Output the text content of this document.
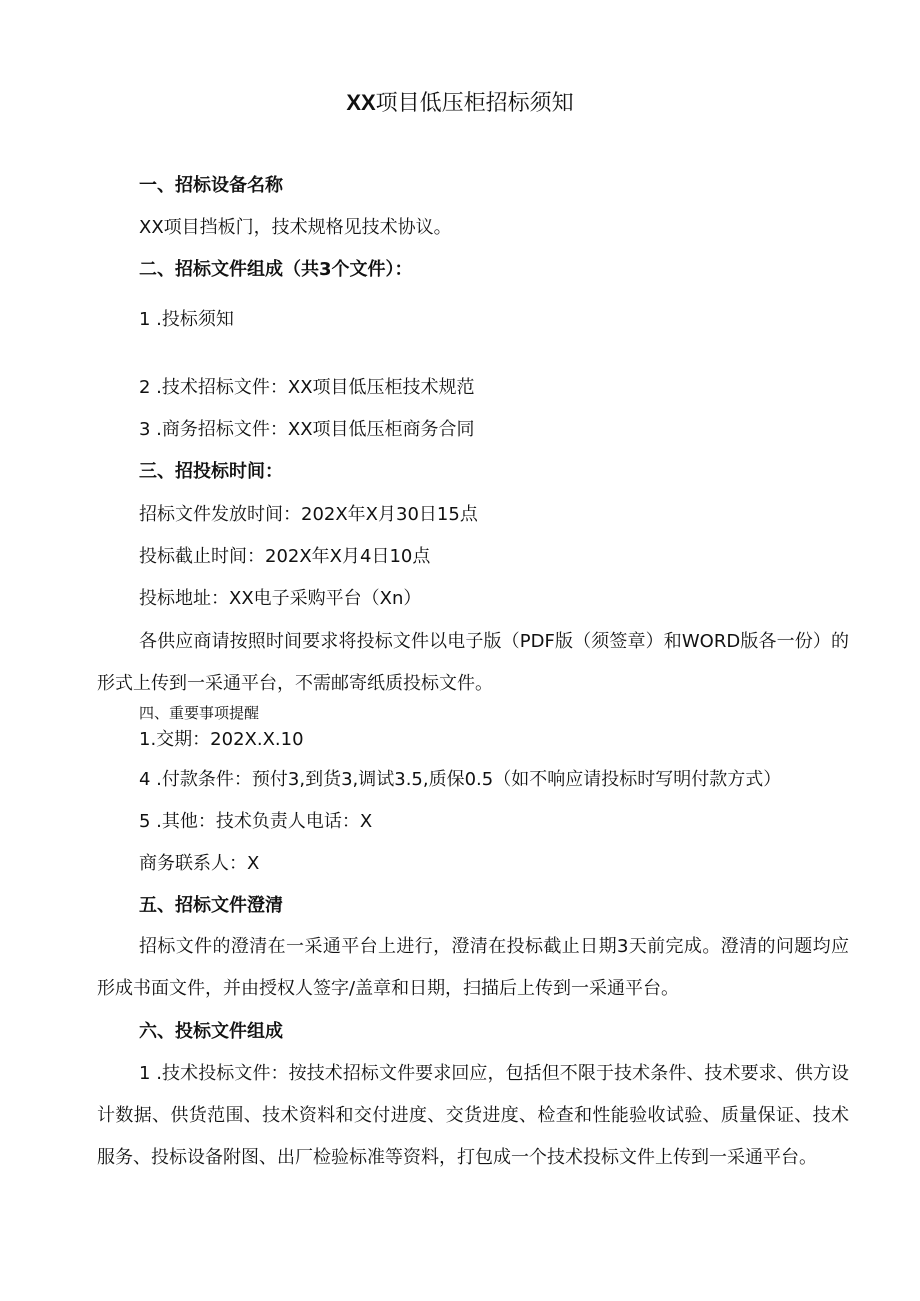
XX项目低压柜招标须知

一、招标设备名称

XX项目挡板门，技术规格见技术协议。

二、招标文件组成（共3个文件）：

1 .投标须知

2 .技术招标文件：XX项目低压柜技术规范

3 .商务招标文件：XX项目低压柜商务合同

三、招投标时间：

招标文件发放时间：202X年X月30日15点

投标截止时间：202X年X月4日10点

投标地址：XX电子采购平台（Xn）

各供应商请按照时间要求将投标文件以电子版（PDF版（须签章）和WORD版各一份）的形式上传到一采通平台，不需邮寄纸质投标文件。

四、重要事项提醒

1.交期：202X.X.10

4 .付款条件：预付3,到货3,调试3.5,质保0.5（如不响应请投标时写明付款方式）

5 .其他：技术负责人电话：X

商务联系人：X

五、招标文件澄清

招标文件的澄清在一采通平台上进行，澄清在投标截止日期3天前完成。澄清的问题均应形成书面文件，并由授权人签字/盖章和日期，扫描后上传到一采通平台。

六、投标文件组成

1 .技术投标文件：按技术招标文件要求回应，包括但不限于技术条件、技术要求、供方设计数据、供货范围、技术资料和交付进度、交货进度、检查和性能验收试验、质量保证、技术服务、投标设备附图、出厂检验标准等资料，打包成一个技术投标文件上传到一采通平台。
